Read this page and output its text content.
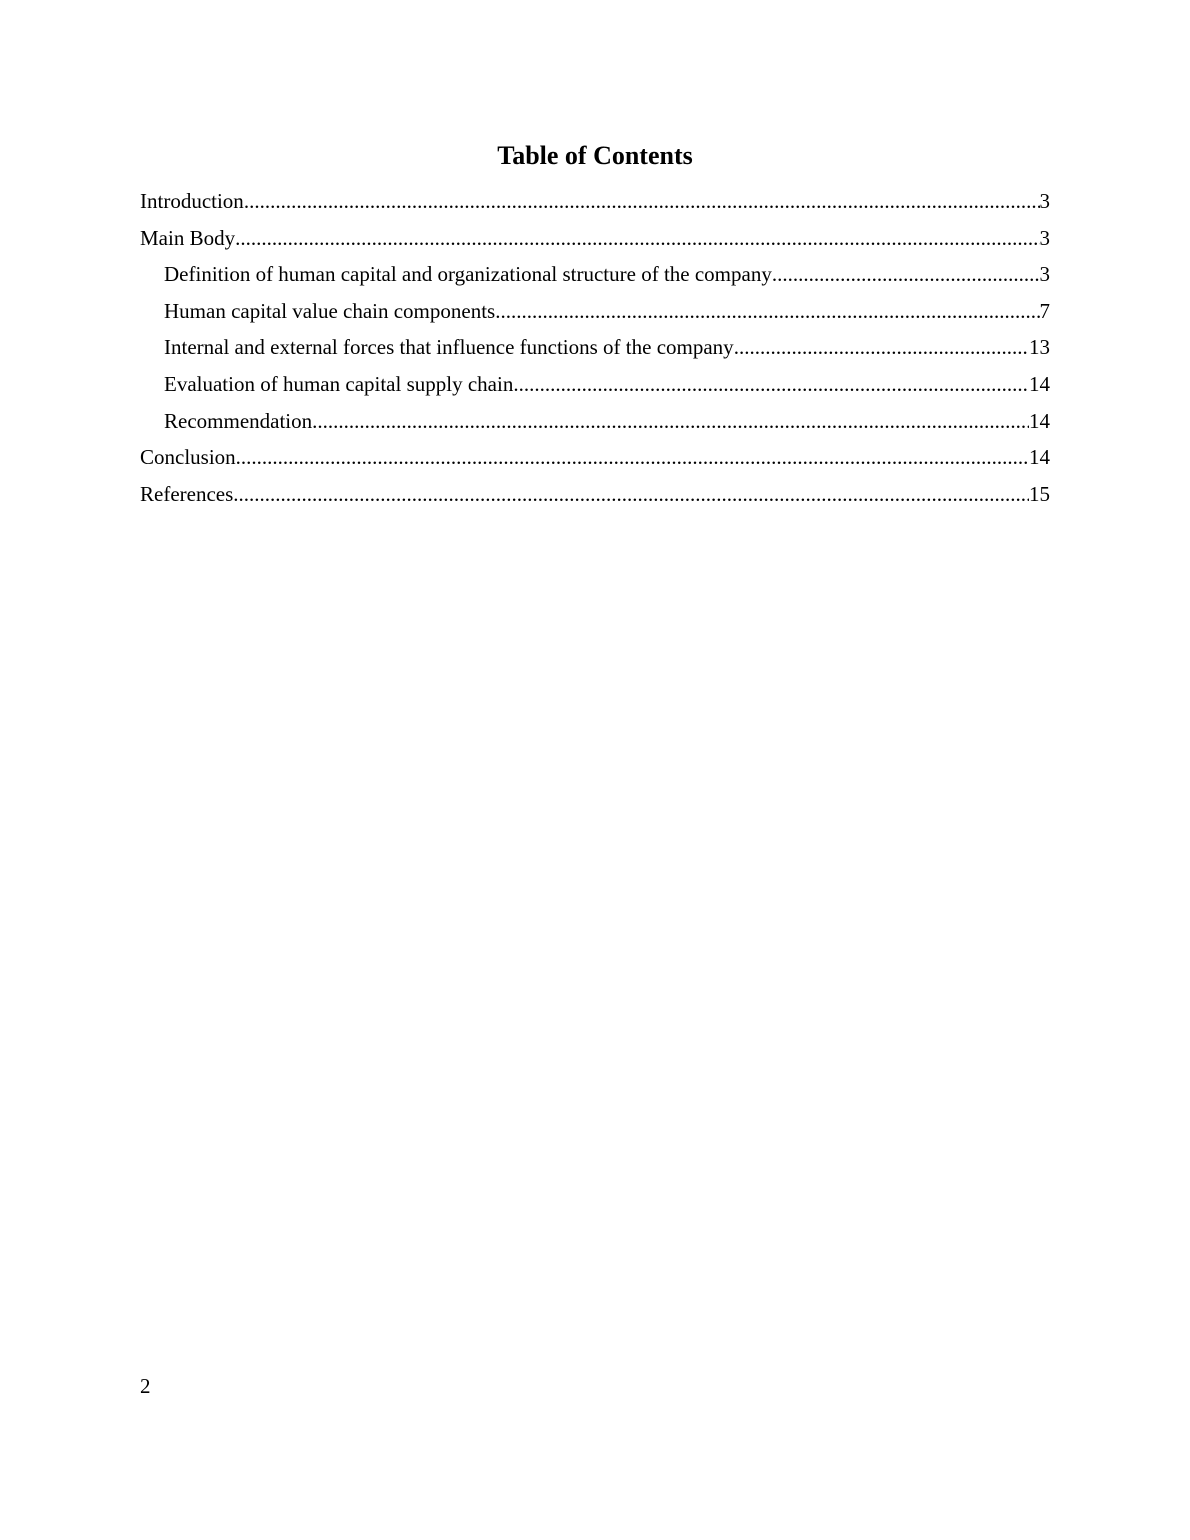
Table of Contents
Introduction .....	3
Main Body .....	3
Definition of human capital and organizational structure of the company .....	3
Human capital value chain components .....	7
Internal and external forces that influence functions of the company .....	13
Evaluation of human capital supply chain .....	14
Recommendation .....	14
Conclusion .....	14
References .....	15
2
